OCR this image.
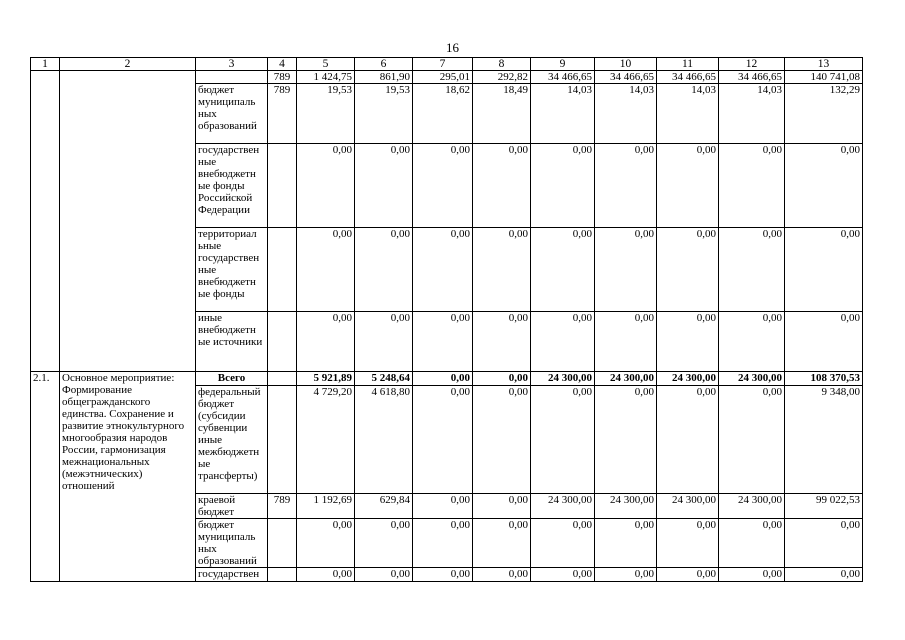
16
1	2	3	4	5	6	7	8	9	10	11	12	13
			789	1 424,75	861,90	295,01	292,82	34 466,65	34 466,65	34 466,65	34 466,65	140 741,08
		бюджет муниципаль ных образований	789	19,53	19,53	18,62	18,49	14,03	14,03	14,03	14,03	132,29
		государствен ные внебюджетн ые фонды Российской Федерации		0,00	0,00	0,00	0,00	0,00	0,00	0,00	0,00	0,00
		территориал ьные государствен ные внебюджетн ые фонды		0,00	0,00	0,00	0,00	0,00	0,00	0,00	0,00	0,00
		иные внебюджетн ые источники		0,00	0,00	0,00	0,00	0,00	0,00	0,00	0,00	0,00
2.1.	Основное мероприятие: Формирование общегражданского единства. Сохранение и развитие этнокультурного многообразия народов России, гармонизация межнациональных (межэтнических) отношений	Всего		5 921,89	5 248,64	0,00	0,00	24 300,00	24 300,00	24 300,00	24 300,00	108 370,53
		федеральный бюджет (субсидии субвенции иные межбюджетн ые трансферты)		4 729,20	4 618,80	0,00	0,00	0,00	0,00	0,00	0,00	9 348,00
		краевой бюджет	789	1 192,69	629,84	0,00	0,00	24 300,00	24 300,00	24 300,00	24 300,00	99 022,53
		бюджет муниципаль ных образований		0,00	0,00	0,00	0,00	0,00	0,00	0,00	0,00	0,00
		государствен		0,00	0,00	0,00	0,00	0,00	0,00	0,00	0,00	0,00
